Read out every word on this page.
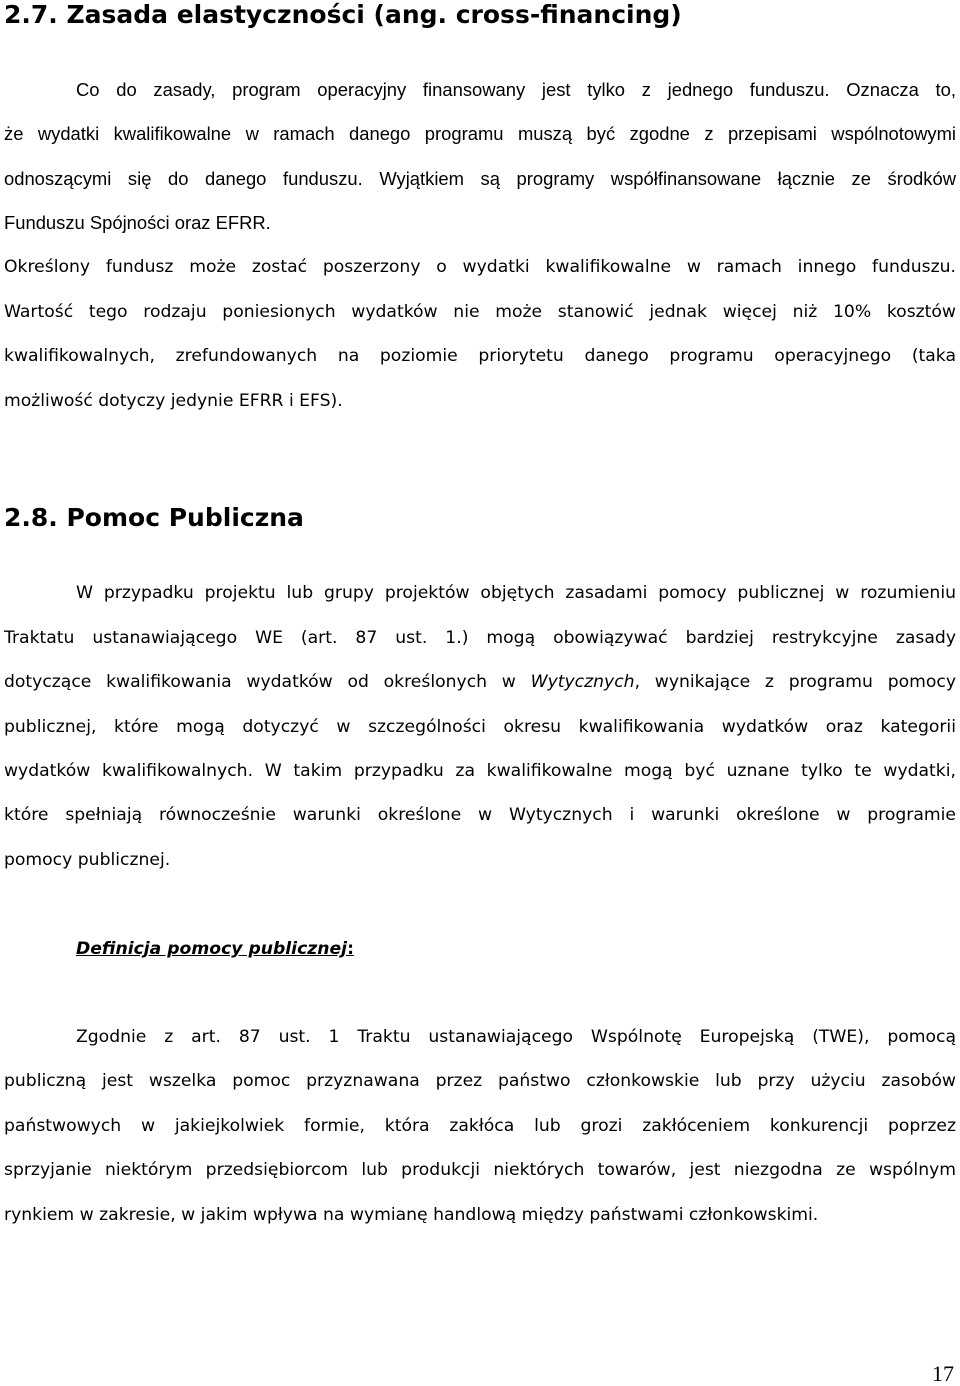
2.7. Zasada elastyczności (ang. cross-financing)

Co do zasady, program operacyjny finansowany jest tylko z jednego funduszu. Oznacza to,

że wydatki kwalifikowalne w ramach danego programu muszą być zgodne z przepisami wspólnotowymi

odnoszącymi się do danego funduszu. Wyjątkiem są programy współfinansowane łącznie ze środków

Funduszu Spójności oraz EFRR.

Określony fundusz może zostać poszerzony o wydatki kwalifikowalne w ramach innego funduszu.

Wartość tego rodzaju poniesionych wydatków nie może stanowić jednak więcej niż 10% kosztów

kwalifikowalnych, zrefundowanych na poziomie priorytetu danego programu operacyjnego (taka

możliwość dotyczy jedynie EFRR i EFS).

2.8. Pomoc Publiczna

W przypadku projektu lub grupy projektów objętych zasadami pomocy publicznej w rozumieniu

Traktatu ustanawiającego WE (art. 87 ust. 1.) mogą obowiązywać bardziej restrykcyjne zasady

dotyczące kwalifikowania wydatków od określonych w Wytycznych, wynikające z programu pomocy

publicznej, które mogą dotyczyć w szczególności okresu kwalifikowania wydatków oraz kategorii

wydatków kwalifikowalnych. W takim przypadku za kwalifikowalne mogą być uznane tylko te wydatki,

które spełniają równocześnie warunki określone w Wytycznych i warunki określone w programie

pomocy publicznej.

Definicja pomocy publicznej:

Zgodnie z art. 87 ust. 1 Traktu ustanawiającego Wspólnotę Europejską (TWE), pomocą

publiczną jest wszelka pomoc przyznawana przez państwo członkowskie lub przy użyciu zasobów

państwowych w jakiejkolwiek formie, która zakłóca lub grozi zakłóceniem konkurencji poprzez

sprzyjanie niektórym przedsiębiorcom lub produkcji niektórych towarów, jest niezgodna ze wspólnym

rynkiem w zakresie, w jakim wpływa na wymianę handlową między państwami członkowskimi.

17
